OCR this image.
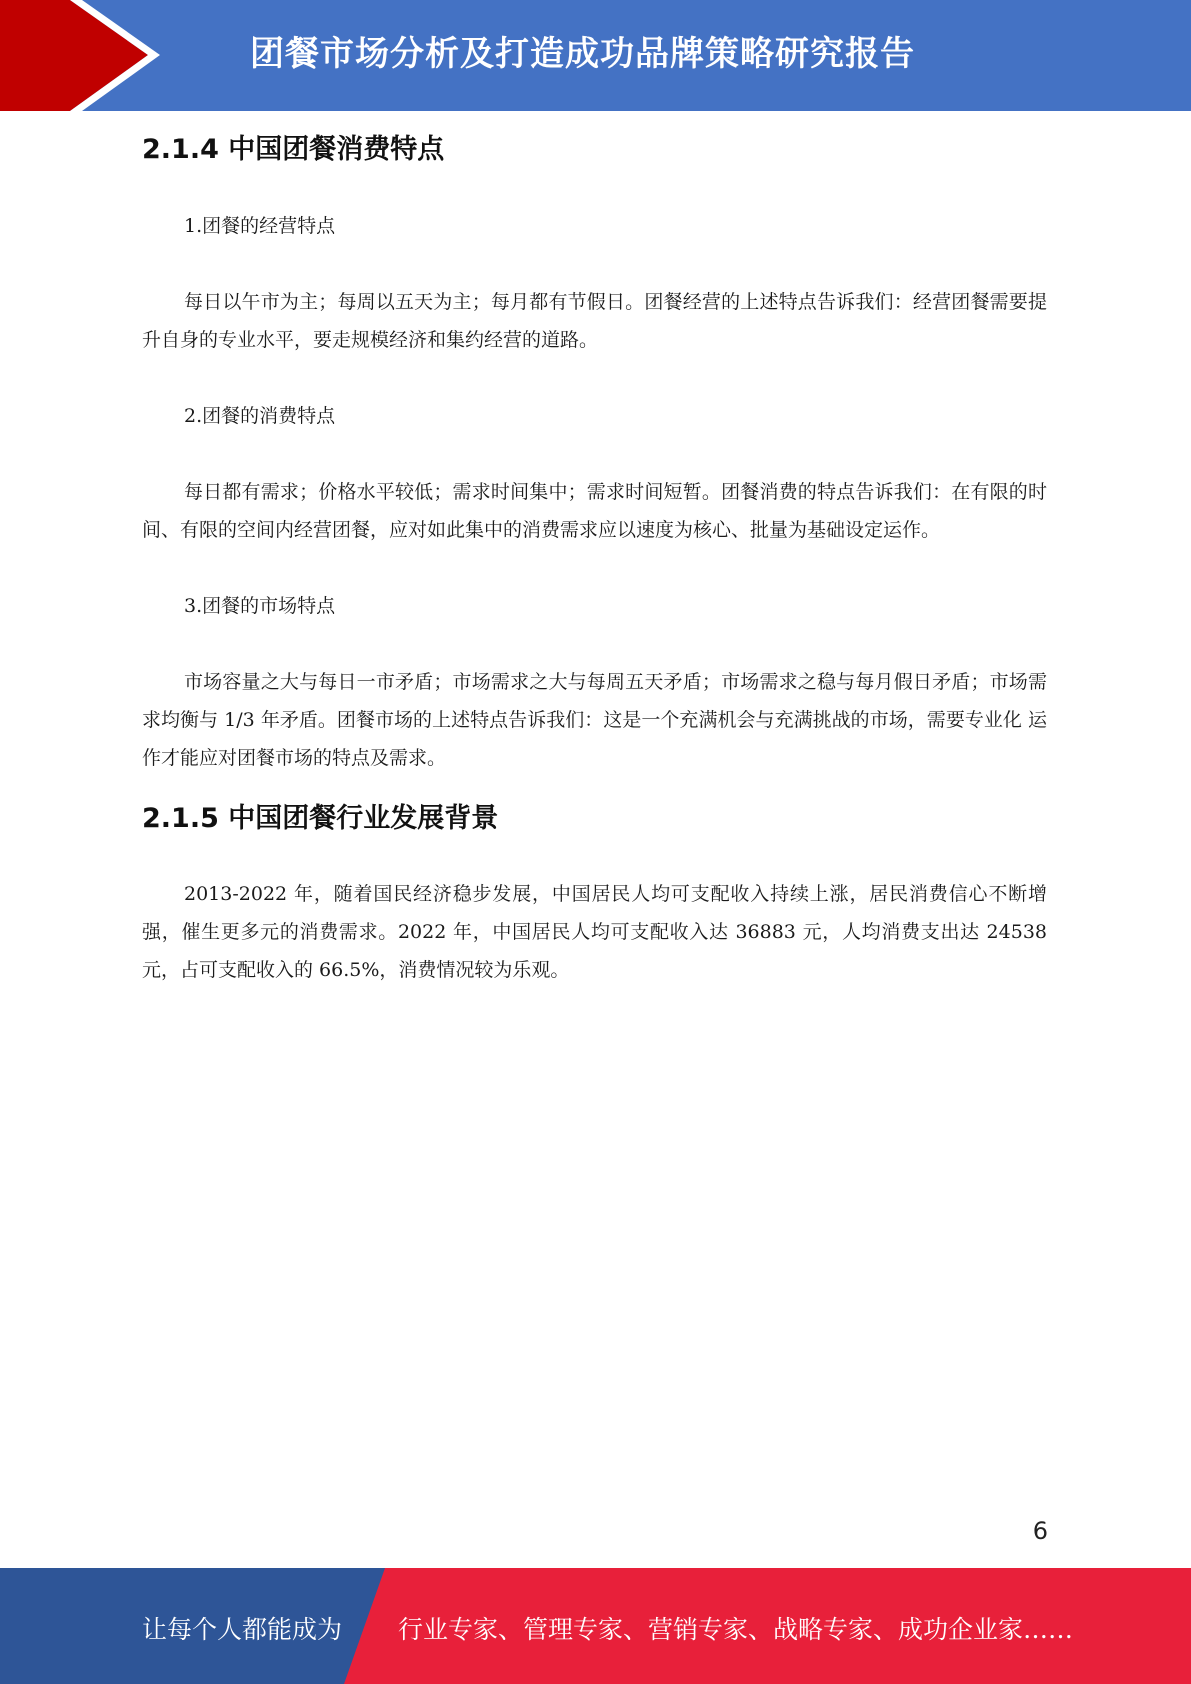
团餐市场分析及打造成功品牌策略研究报告
2.1.4 中国团餐消费特点

1.团餐的经营特点

每日以午市为主；每周以五天为主；每月都有节假日。团餐经营的上述特点告诉我们：经营团餐需要提升自身的专业水平，要走规模经济和集约经营的道路。

2.团餐的消费特点

每日都有需求；价格水平较低；需求时间集中；需求时间短暂。团餐消费的特点告诉我们：在有限的时间、有限的空间内经营团餐，应对如此集中的消费需求应以速度为核心、批量为基础设定运作。

3.团餐的市场特点

市场容量之大与每日一市矛盾；市场需求之大与每周五天矛盾；市场需求之稳与每月假日矛盾；市场需求均衡与 1/3 年矛盾。团餐市场的上述特点告诉我们：这是一个充满机会与充满挑战的市场，需要专业化 运作才能应对团餐市场的特点及需求。

2.1.5 中国团餐行业发展背景

2013-2022 年，随着国民经济稳步发展，中国居民人均可支配收入持续上涨，居民消费信心不断增强，催生更多元的消费需求。2022 年，中国居民人均可支配收入达 36883 元，人均消费支出达 24538 元，占可支配收入的 66.5%，消费情况较为乐观。

6
让每个人都能成为 行业专家、管理专家、营销专家、战略专家、成功企业家……
